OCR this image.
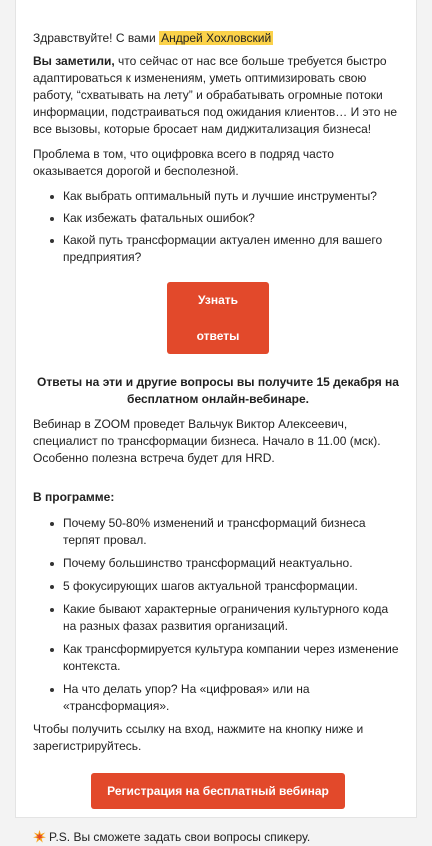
Здравствуйте! С вами Андрей Хохловский

Вы заметили, что сейчас от нас все больше требуется быстро адаптироваться к изменениям, уметь оптимизировать свою работу, “схватывать на лету” и обрабатывать огромные потоки информации, подстраиваться под ожидания клиентов… И это не все вызовы, которые бросает нам диджитализация бизнеса!

Проблема в том, что оцифровка всего в подряд часто оказывается дорогой и бесполезной.

Как выбрать оптимальный путь и лучшие инструменты?
Как избежать фатальных ошибок?
Какой путь трансформации актуален именно для вашего предприятия?
Узнать ответы

Ответы на эти и другие вопросы вы получите 15 декабря на бесплатном онлайн-вебинаре.

Вебинар в ZOOM проведет Вальчук Виктор Алексеевич, специалист по трансформации бизнеса. Начало в 11.00 (мск). Особенно полезна встреча будет для HRD.

В программе:

Почему 50-80% изменений и трансформаций бизнеса терпят провал.
Почему большинство трансформаций неактуально.
5 фокусирующих шагов актуальной трансформации.
Какие бывают характерные ограничения культурного кода на разных фазах развития организаций.
Как трансформируется культура компании через изменение контекста.
На что делать упор? На «цифровая» или на «трансформация».

Чтобы получить ссылку на вход, нажмите на кнопку ниже и зарегистрируйтесь.

Регистрация на бесплатный вебинар

P.S. Вы сможете задать свои вопросы спикеру.
